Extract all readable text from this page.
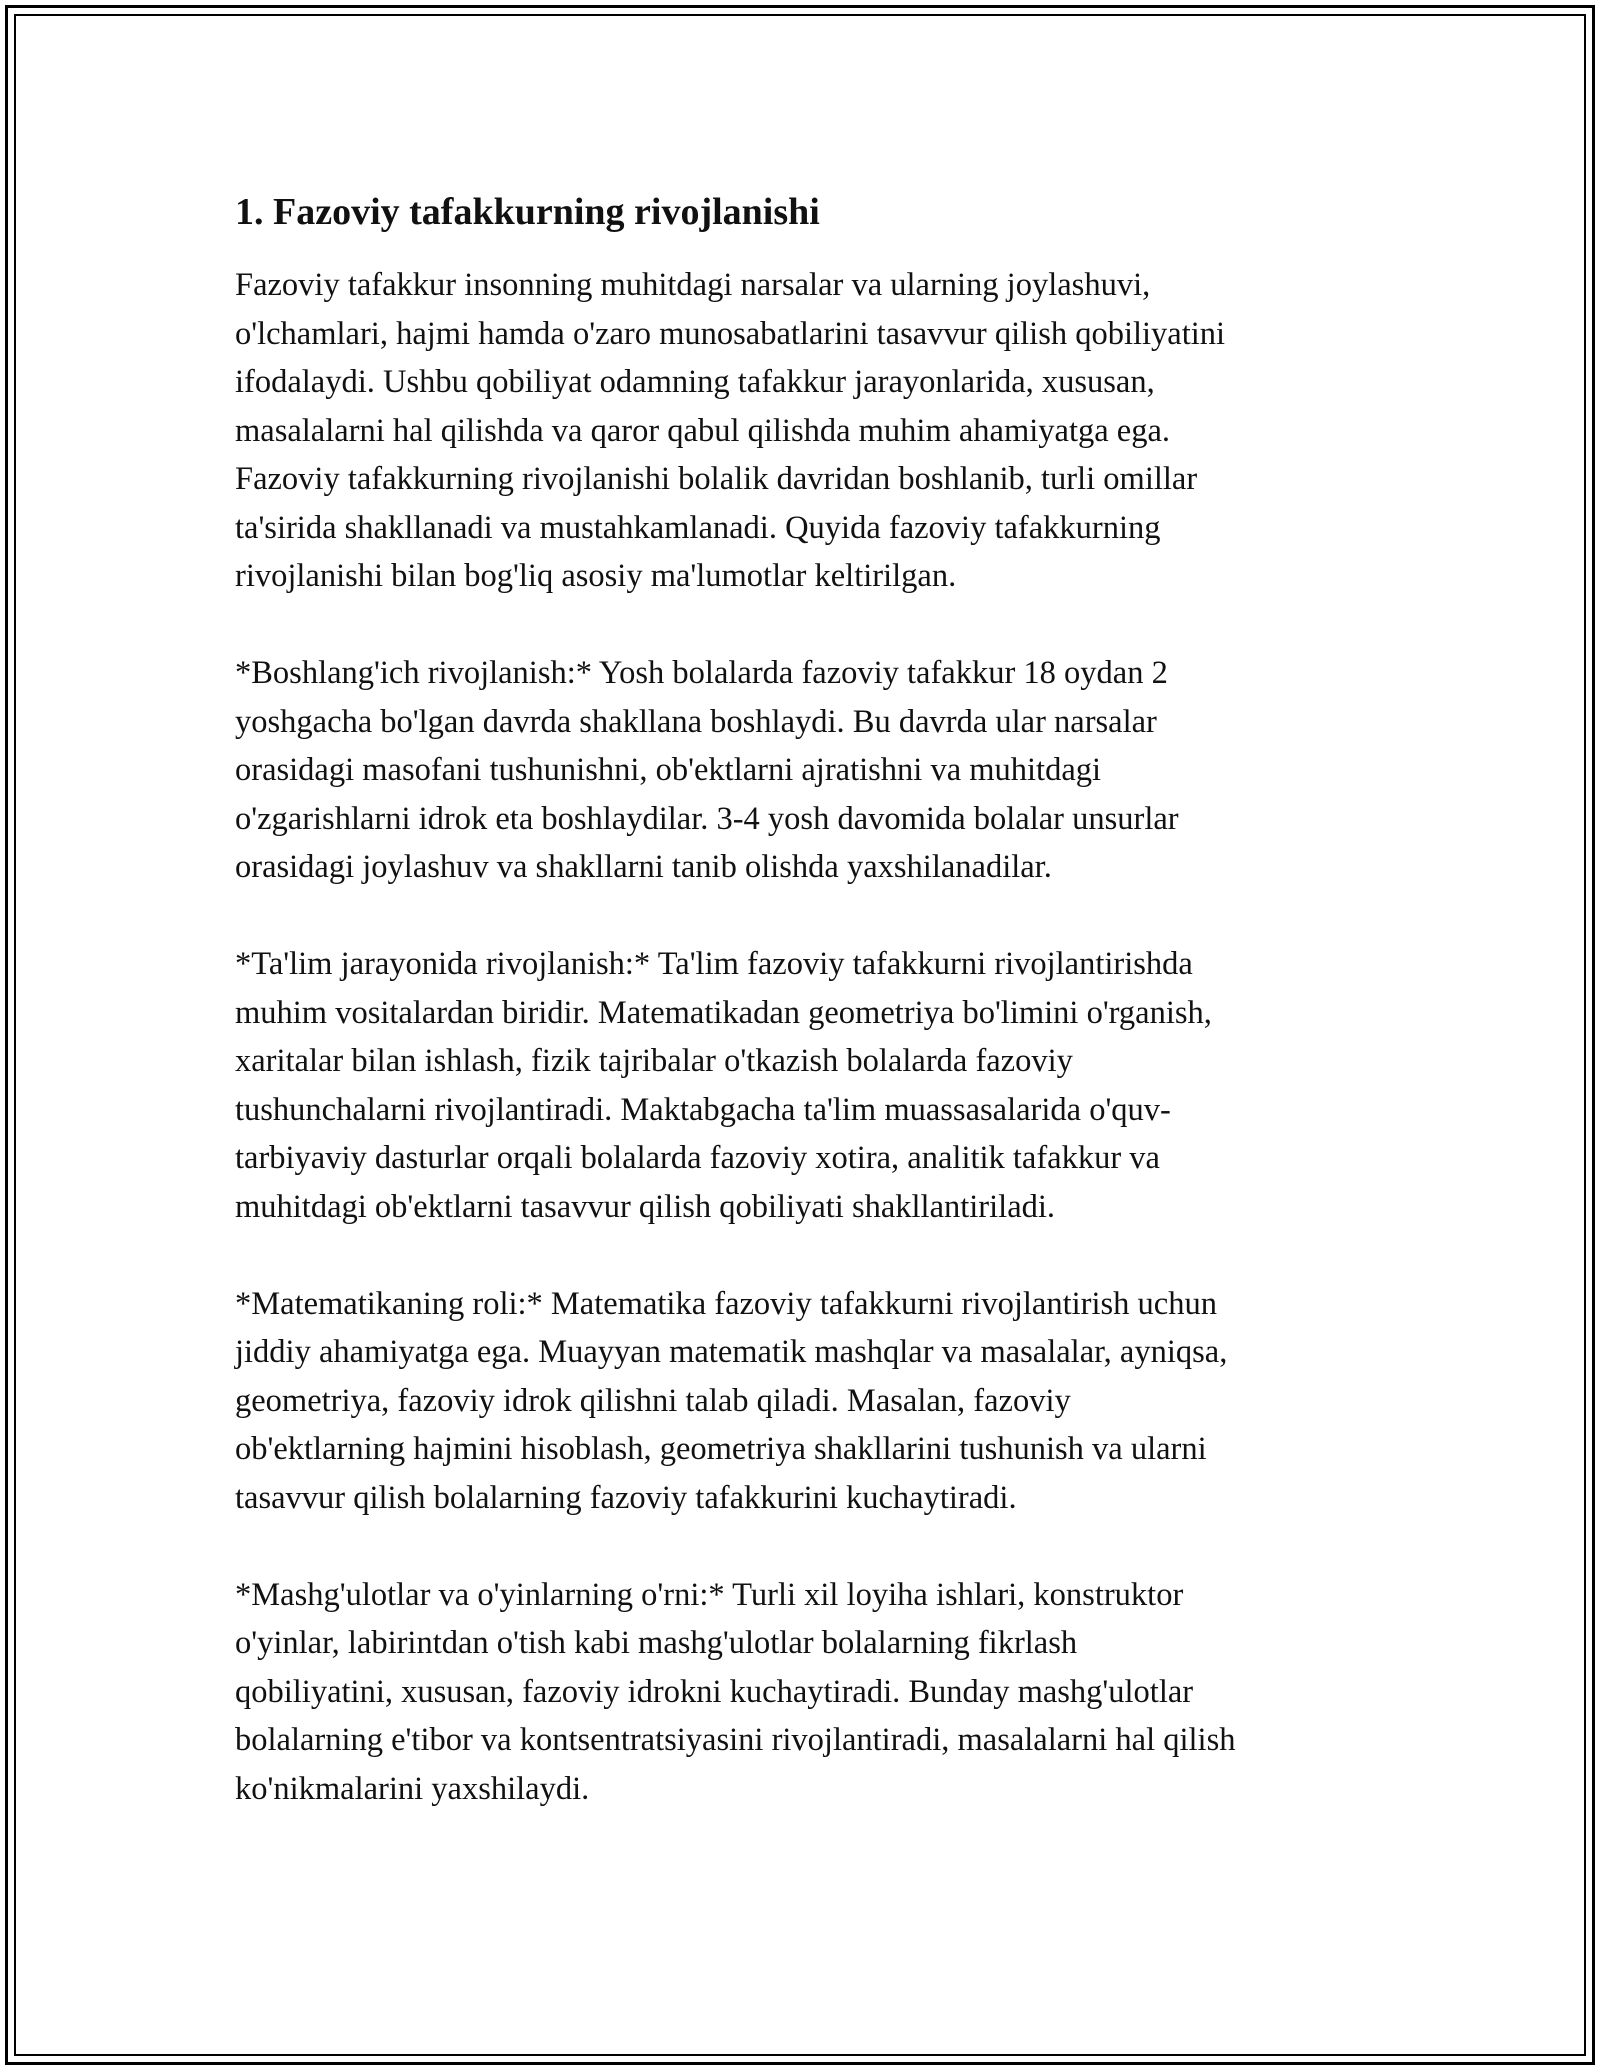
1. Fazoviy tafakkurning rivojlanishi

Fazoviy tafakkur insonning muhitdagi narsalar va ularning joylashuvi,
o'lchamlari, hajmi hamda o'zaro munosabatlarini tasavvur qilish qobiliyatini
ifodalaydi. Ushbu qobiliyat odamning tafakkur jarayonlarida, xususan,
masalalarni hal qilishda va qaror qabul qilishda muhim ahamiyatga ega.
Fazoviy tafakkurning rivojlanishi bolalik davridan boshlanib, turli omillar
ta'sirida shakllanadi va mustahkamlanadi. Quyida fazoviy tafakkurning
rivojlanishi bilan bog'liq asosiy ma'lumotlar keltirilgan.

*Boshlang'ich rivojlanish:* Yosh bolalarda fazoviy tafakkur 18 oydan 2
yoshgacha bo'lgan davrda shakllana boshlaydi. Bu davrda ular narsalar
orasidagi masofani tushunishni, ob'ektlarni ajratishni va muhitdagi
o'zgarishlarni idrok eta boshlaydilar. 3-4 yosh davomida bolalar unsurlar
orasidagi joylashuv va shakllarni tanib olishda yaxshilanadilar.

*Ta'lim jarayonida rivojlanish:* Ta'lim fazoviy tafakkurni rivojlantirishda
muhim vositalardan biridir. Matematikadan geometriya bo'limini o'rganish,
xaritalar bilan ishlash, fizik tajribalar o'tkazish bolalarda fazoviy
tushunchalarni rivojlantiradi. Maktabgacha ta'lim muassasalarida o'quv-
tarbiyaviy dasturlar orqali bolalarda fazoviy xotira, analitik tafakkur va
muhitdagi ob'ektlarni tasavvur qilish qobiliyati shakllantiriladi.

*Matematikaning roli:* Matematika fazoviy tafakkurni rivojlantirish uchun
jiddiy ahamiyatga ega. Muayyan matematik mashqlar va masalalar, ayniqsa,
geometriya, fazoviy idrok qilishni talab qiladi. Masalan, fazoviy
ob'ektlarning hajmini hisoblash, geometriya shakllarini tushunish va ularni
tasavvur qilish bolalarning fazoviy tafakkurini kuchaytiradi.

*Mashg'ulotlar va o'yinlarning o'rni:* Turli xil loyiha ishlari, konstruktor
o'yinlar, labirintdan o'tish kabi mashg'ulotlar bolalarning fikrlash
qobiliyatini, xususan, fazoviy idrokni kuchaytiradi. Bunday mashg'ulotlar
bolalarning e'tibor va kontsentratsiyasini rivojlantiradi, masalalarni hal qilish
ko'nikmalarini yaxshilaydi.
